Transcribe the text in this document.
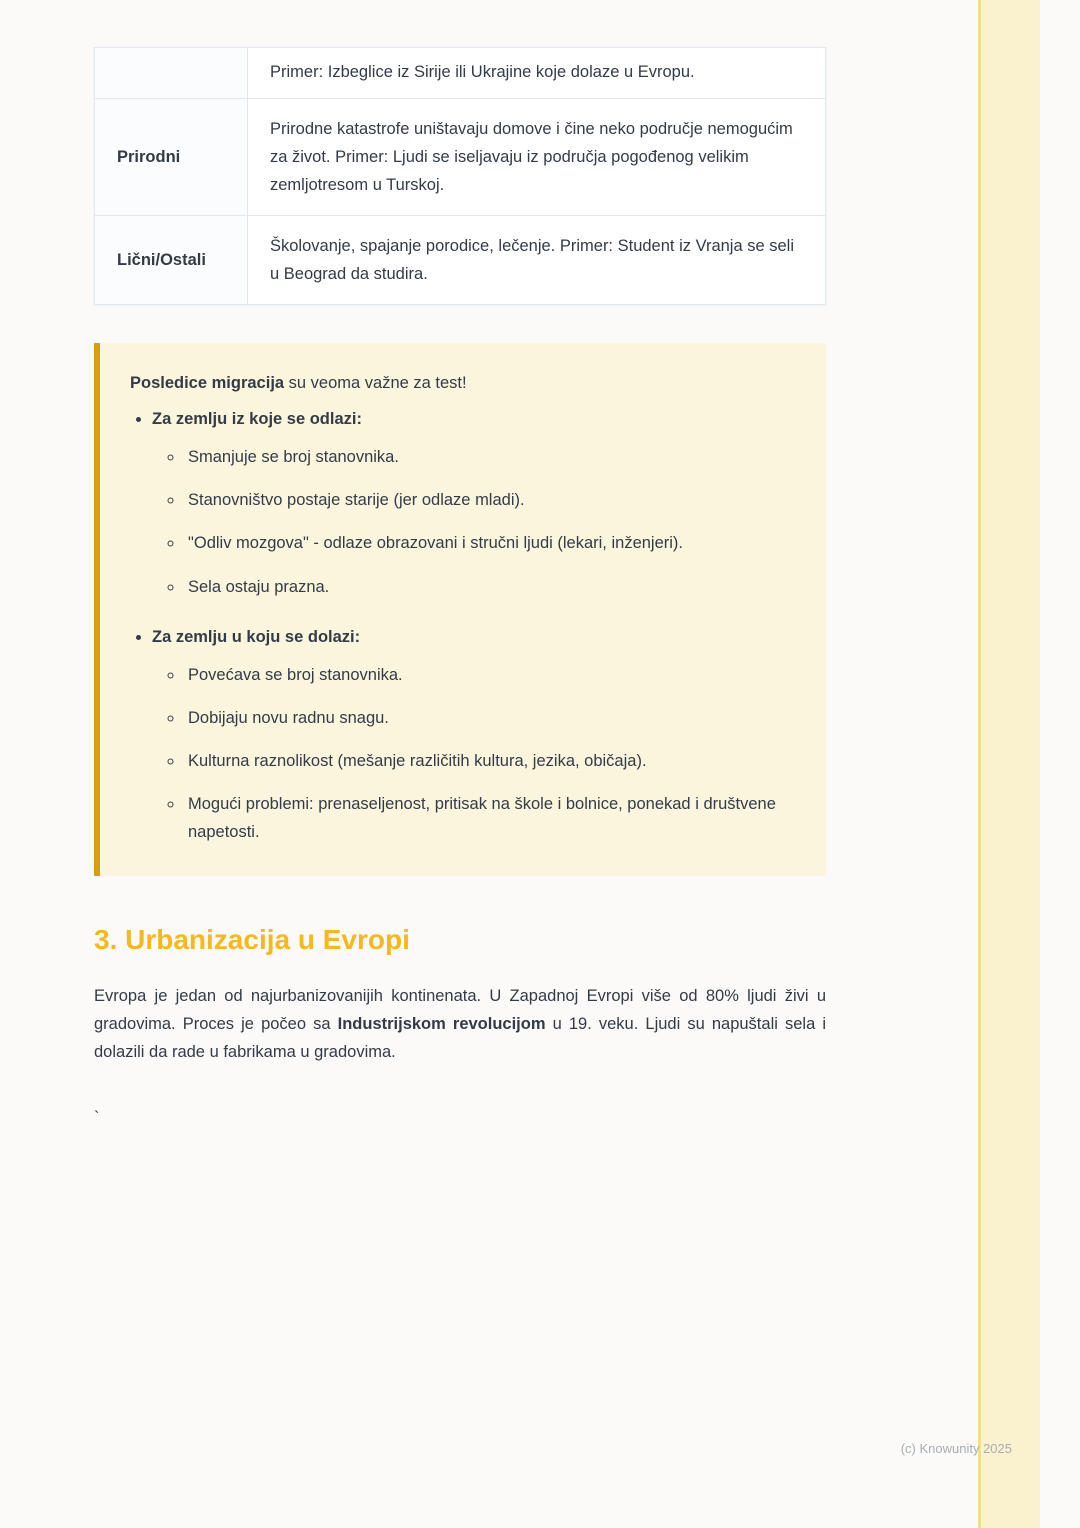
	Primer: Izbeglice iz Sirije ili Ukrajine koje dolaze u Evropu.
Prirodni	Prirodne katastrofe uništavaju domove i čine neko područje nemogućim za život. Primer: Ljudi se iseljavaju iz područja pogođenog velikim zemljotresom u Turskoj.
Lični/Ostali	Školovanje, spajanje porodice, lečenje. Primer: Student iz Vranja se seli u Beograd da studira.

Posledice migracija su veoma važne za test!

• Za zemlju iz koje se odlazi:
◦ Smanjuje se broj stanovnika.
◦ Stanovništvo postaje starije (jer odlaze mladi).
◦ "Odliv mozgova" - odlaze obrazovani i stručni ljudi (lekari, inženjeri).
◦ Sela ostaju prazna.
• Za zemlju u koju se dolazi:
◦ Povećava se broj stanovnika.
◦ Dobijaju novu radnu snagu.
◦ Kulturna raznolikost (mešanje različitih kultura, jezika, običaja).
◦ Mogući problemi: prenaseljenost, pritisak na škole i bolnice, ponekad i društvene napetosti.
3. Urbanizacija u Evropi

Evropa je jedan od najurbanizovanijih kontinenata. U Zapadnoj Evropi više od 80% ljudi živi u gradovima. Proces je počeo sa Industrijskom revolucijom u 19. veku. Ljudi su napuštali sela i dolazili da rade u fabrikama u gradovima.

`

(c) Knowunity 2025
